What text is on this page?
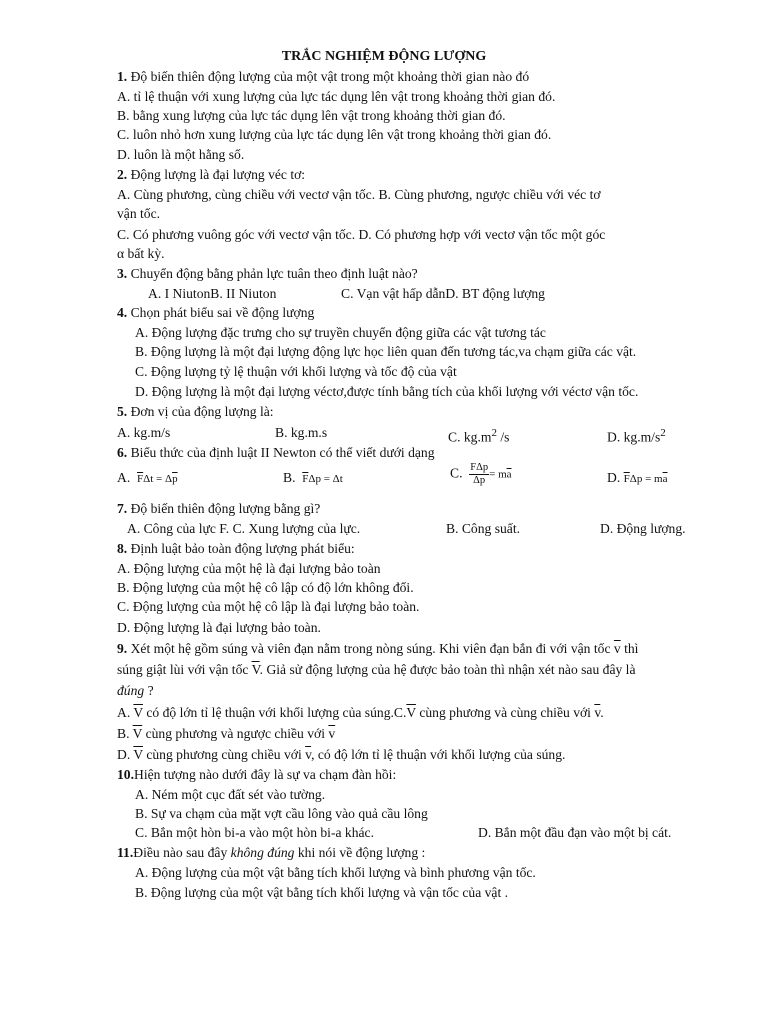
TRẮC NGHIỆM ĐỘNG LƯỢNG
1. Độ biến thiên động lượng của một vật trong một khoảng thời gian nào đó
A. tỉ lệ thuận với xung lượng của lực tác dụng lên vật trong khoảng thời gian đó.
B. bằng xung lượng của lực tác dụng lên vật trong khoảng thời gian đó.
C. luôn nhỏ hơn xung lượng của lực tác dụng lên vật trong khoảng thời gian đó.
D. luôn là một hằng số.
2. Động lượng là đại lượng véc tơ:
A. Cùng phương, cùng chiều với vectơ vận tốc. B. Cùng phương, ngược chiều với véc tơ
vận tốc.
C. Có phương vuông góc với vectơ vận tốc. D. Có phương hợp với vectơ vận tốc một góc
α bất kỳ.
3. Chuyển động bằng phản lực tuân theo định luật nào?
A. I NiutonB. II Niuton	C. Vạn vật hấp dẫnD. BT động lượng
4. Chọn phát biểu sai về động lượng
A. Động lượng đặc trưng cho sự truyền chuyển động giữa các vật tương tác
B. Động lượng là một đại lượng động lực học liên quan đến tương tác,va chạm giữa các vật.
C. Động lượng tỷ lệ thuận với khối lượng và tốc độ của vật
D. Động lượng là một đại lượng véctơ,được tính bằng tích của khối lượng với véctơ vận tốc.
5. Đơn vị của động lượng là:
A. kg.m/s	B. kg.m.s	C. $kg.m^2$ /s	D. $kg.m/s^2$
6. Biểu thức của định luật II Newton có thể viết dưới dạng
A. $\overline{F}\Delta t = \Delta\overline{p}$	B. $\overline{F}\Delta p = \Delta t$	C. $\frac{\text{FΔp}}{\Delta p} = m\overline{a}$	D. $\overline{F}\Delta p = m\overline{a}$
7. Độ biến thiên động lượng bằng gì?
A. Công của lực F. C. Xung lượng của lực.	B. Công suất.	D. Động lượng.
8. Định luật bảo toàn động lượng phát biểu:
A. Động lượng của một hệ là đại lượng bảo toàn
B. Động lượng của một hệ cô lập có độ lớn không đổi.
C. Động lượng của một hệ cô lập là đại lượng bảo toàn.
D. Động lượng là đại lượng bảo toàn.
9. Xét một hệ gồm súng và viên đạn nằm trong nòng súng. Khi viên đạn bắn đi với vận tốc $\overline{v}$ thì
súng giật lùi với vận tốc $\overline{V}$. Giả sử động lượng của hệ được bảo toàn thì nhận xét nào sau đây là
đúng ?
A. $\overline{V}$ có độ lớn tỉ lệ thuận với khối lượng của $súng.C.\overline{V}$ cùng phương và cùng chiều với $\overline{v}$.
B. $\overline{V}$ cùng phương và ngược chiều với $\overline{v}$
D. $\overline{V}$ cùng phương cùng chiều với $\overline{v}$, có độ lớn tỉ lệ thuận với khối lượng của súng.
10.Hiện tượng nào dưới đây là sự va chạm đàn hồi:
A. Ném một cục đất sét vào tường.
B. Sự va chạm của mặt vợt cầu lông vào quả cầu lông
C. Bắn một hòn bi-a vào một hòn bi-a khác.	D. Bắn một đầu đạn vào một bị cát.
11.Điều nào sau đây không đúng khi nói về động lượng :
A. Động lượng của một vật bằng tích khối lượng và bình phương vận tốc.
B. Động lượng của một vật bằng tích khối lượng và vận tốc của vật .
